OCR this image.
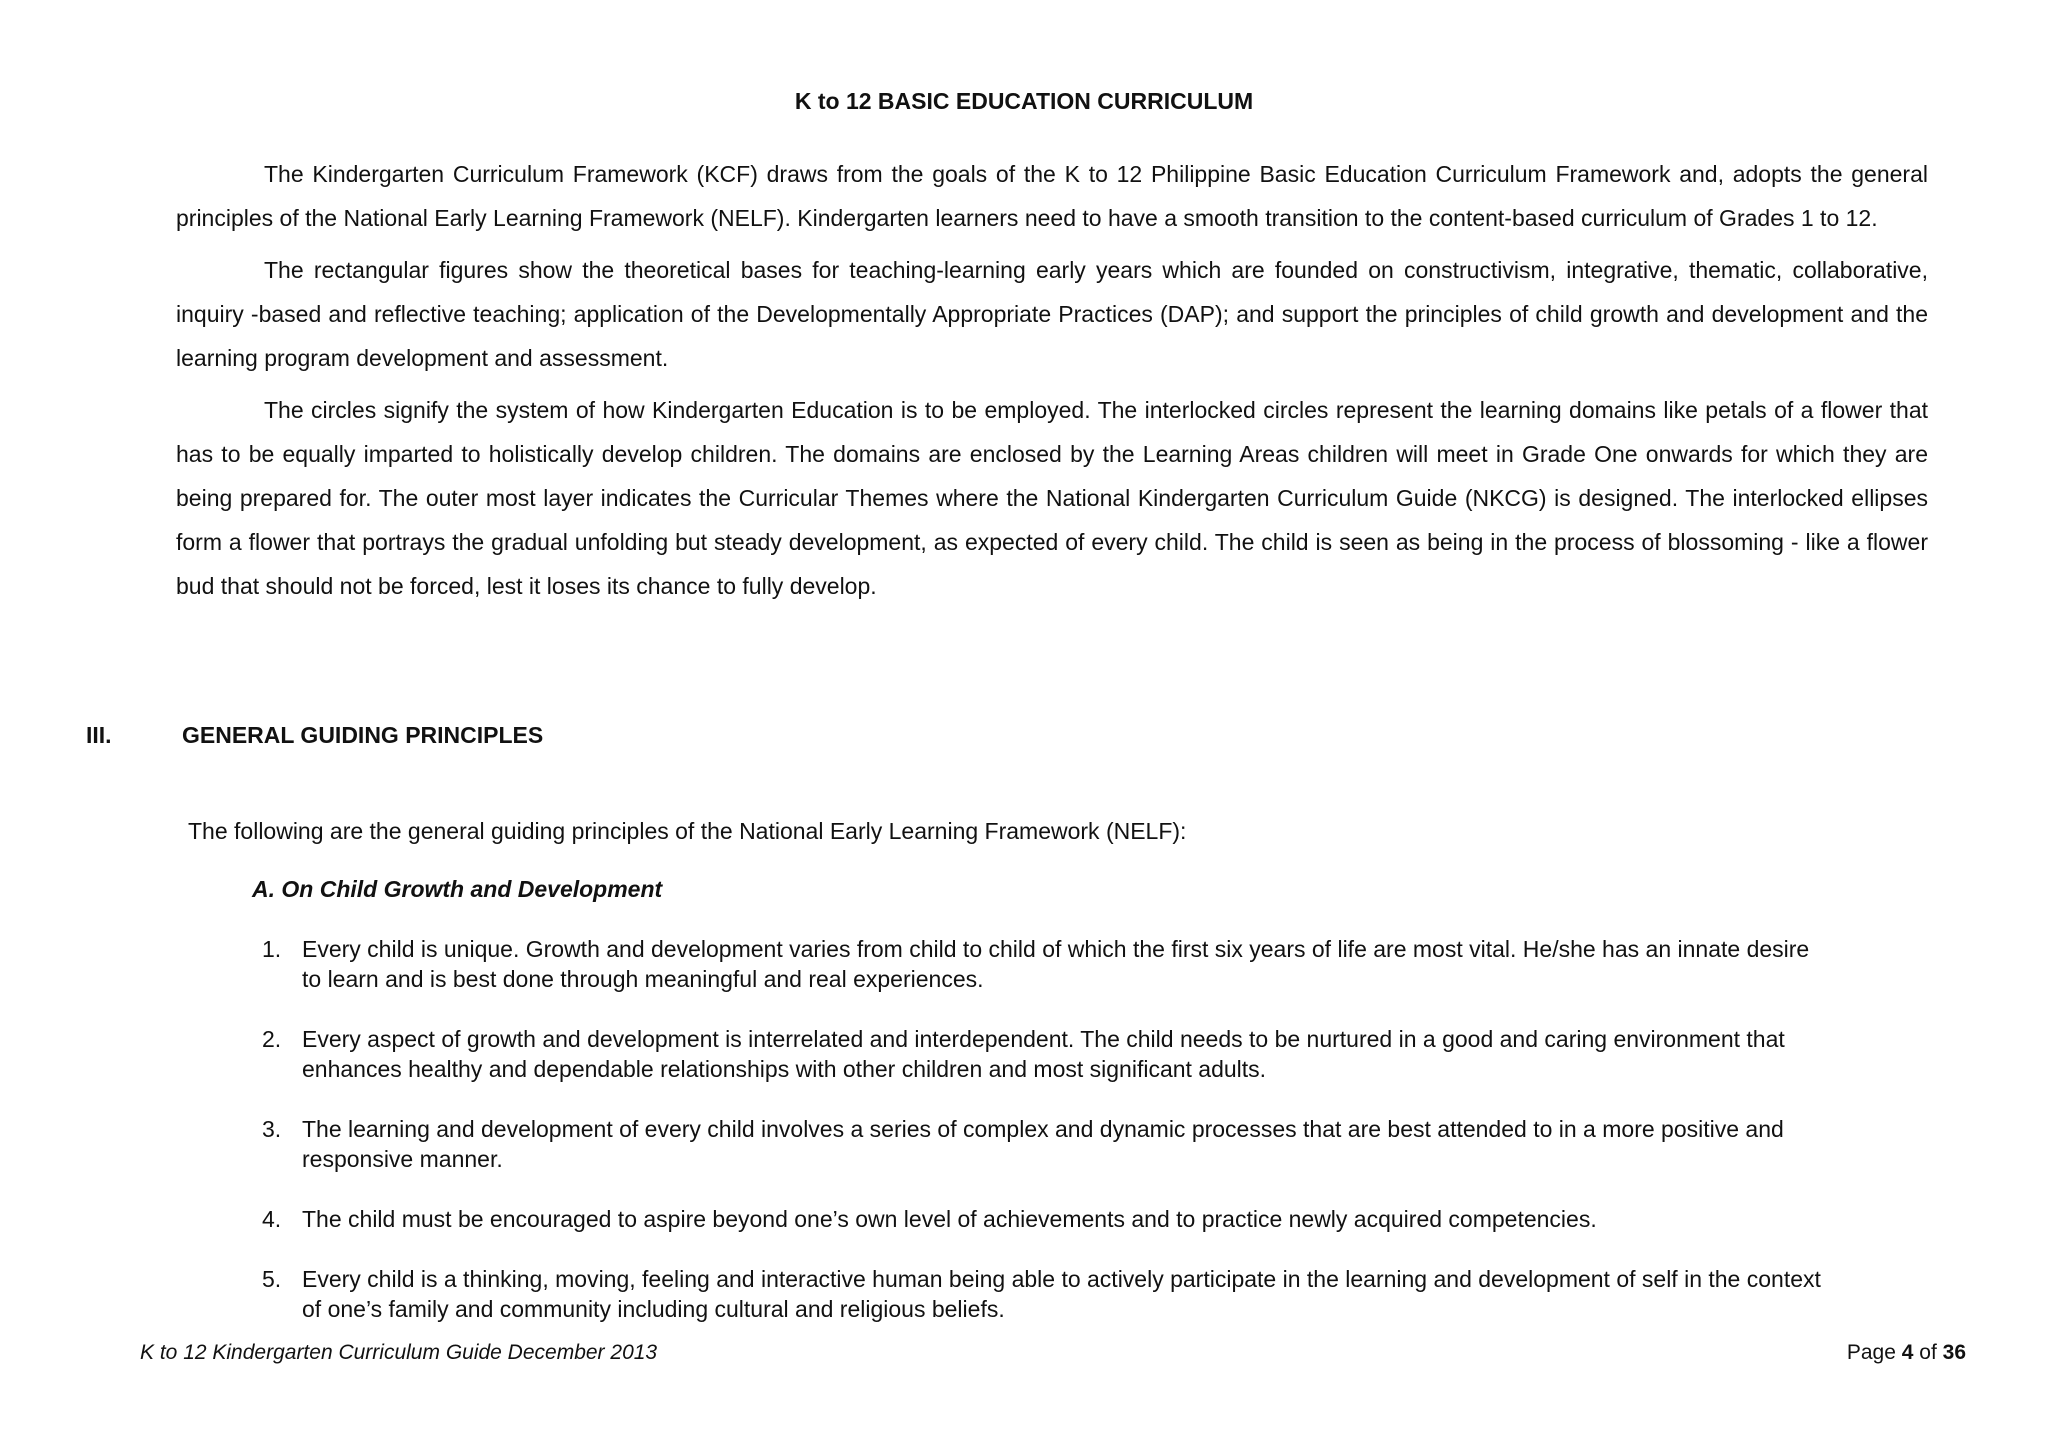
K to 12 BASIC EDUCATION CURRICULUM

The Kindergarten Curriculum Framework (KCF) draws from the goals of the K to 12 Philippine Basic Education Curriculum Framework and, adopts the general principles of the National Early Learning Framework (NELF). Kindergarten learners need to have a smooth transition to the content-based curriculum of Grades 1 to 12.

The rectangular figures show the theoretical bases for teaching-learning early years which are founded on constructivism, integrative, thematic, collaborative, inquiry -based and reflective teaching; application of the Developmentally Appropriate Practices (DAP); and support the principles of child growth and development and the learning program development and assessment.

The circles signify the system of how Kindergarten Education is to be employed. The interlocked circles represent the learning domains like petals of a flower that has to be equally imparted to holistically develop children. The domains are enclosed by the Learning Areas children will meet in Grade One onwards for which they are being prepared for. The outer most layer indicates the Curricular Themes where the National Kindergarten Curriculum Guide (NKCG) is designed. The interlocked ellipses form a flower that portrays the gradual unfolding but steady development, as expected of every child. The child is seen as being in the process of blossoming - like a flower bud that should not be forced, lest it loses its chance to fully develop.

III.	GENERAL GUIDING PRINCIPLES

The following are the general guiding principles of the National Early Learning Framework (NELF):

A. On Child Growth and Development

1. Every child is unique. Growth and development varies from child to child of which the first six years of life are most vital. He/she has an innate desire to learn and is best done through meaningful and real experiences.
2. Every aspect of growth and development is interrelated and interdependent. The child needs to be nurtured in a good and caring environment that enhances healthy and dependable relationships with other children and most significant adults.
3. The learning and development of every child involves a series of complex and dynamic processes that are best attended to in a more positive and responsive manner.
4. The child must be encouraged to aspire beyond one’s own level of achievements and to practice newly acquired competencies.
5. Every child is a thinking, moving, feeling and interactive human being able to actively participate in the learning and development of self in the context of one’s family and community including cultural and religious beliefs.

K to 12 Kindergarten Curriculum Guide December 2013	Page 4 of 36
